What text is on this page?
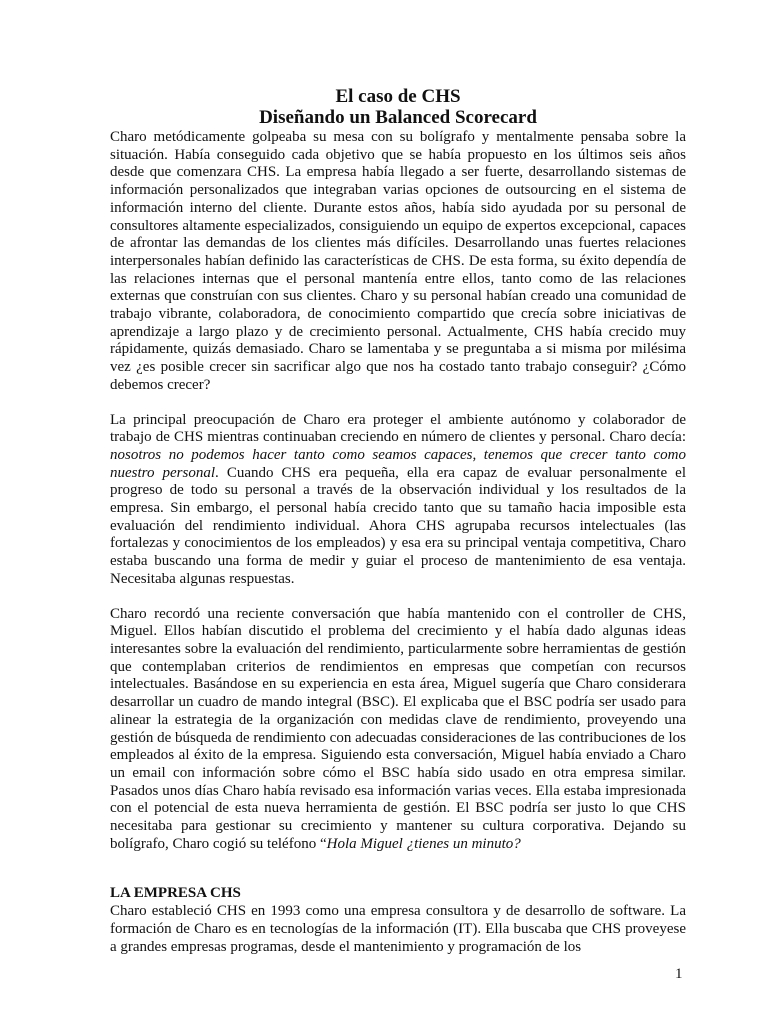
El caso de CHS
Diseñando un Balanced Scorecard

Charo metódicamente golpeaba su mesa con su bolígrafo y mentalmente pensaba sobre la situación. Había conseguido cada objetivo que se había propuesto en los últimos seis años desde que comenzara CHS. La empresa había llegado a ser fuerte, desarrollando sistemas de información personalizados que integraban varias opciones de outsourcing en el sistema de información interno del cliente. Durante estos años, había sido ayudada por su personal de consultores altamente especializados, consiguiendo un equipo de expertos excepcional, capaces de afrontar las demandas de los clientes más difíciles. Desarrollando unas fuertes relaciones interpersonales habían definido las características de CHS. De esta forma, su éxito dependía de las relaciones internas que el personal mantenía entre ellos, tanto como de las relaciones externas que construían con sus clientes. Charo y su personal habían creado una comunidad de trabajo vibrante, colaboradora, de conocimiento compartido que crecía sobre iniciativas de aprendizaje a largo plazo y de crecimiento personal. Actualmente, CHS había crecido muy rápidamente, quizás demasiado. Charo se lamentaba y se preguntaba a si misma por milésima vez ¿es posible crecer sin sacrificar algo que nos ha costado tanto trabajo conseguir? ¿Cómo debemos crecer?

La principal preocupación de Charo era proteger el ambiente autónomo y colaborador de trabajo de CHS mientras continuaban creciendo en número de clientes y personal. Charo decía: nosotros no podemos hacer tanto como seamos capaces, tenemos que crecer tanto como nuestro personal. Cuando CHS era pequeña, ella era capaz de evaluar personalmente el progreso de todo su personal a través de la observación individual y los resultados de la empresa. Sin embargo, el personal había crecido tanto que su tamaño hacia imposible esta evaluación del rendimiento individual. Ahora CHS agrupaba recursos intelectuales (las fortalezas y conocimientos de los empleados) y esa era su principal ventaja competitiva, Charo estaba buscando una forma de medir y guiar el proceso de mantenimiento de esa ventaja. Necesitaba algunas respuestas.

Charo recordó una reciente conversación que había mantenido con el controller de CHS, Miguel. Ellos habían discutido el problema del crecimiento y el había dado algunas ideas interesantes sobre la evaluación del rendimiento, particularmente sobre herramientas de gestión que contemplaban criterios de rendimientos en empresas que competían con recursos intelectuales. Basándose en su experiencia en esta área, Miguel sugería que Charo considerara desarrollar un cuadro de mando integral (BSC). El explicaba que el BSC podría ser usado para alinear la estrategia de la organización con medidas clave de rendimiento, proveyendo una gestión de búsqueda de rendimiento con adecuadas consideraciones de las contribuciones de los empleados al éxito de la empresa. Siguiendo esta conversación, Miguel había enviado a Charo un email con información sobre cómo el BSC había sido usado en otra empresa similar. Pasados unos días Charo había revisado esa información varias veces. Ella estaba impresionada con el potencial de esta nueva herramienta de gestión. El BSC podría ser justo lo que CHS necesitaba para gestionar su crecimiento y mantener su cultura corporativa. Dejando su bolígrafo, Charo cogió su teléfono “Hola Miguel ¿tienes un minuto?

LA EMPRESA CHS

Charo estableció CHS en 1993 como una empresa consultora y de desarrollo de software. La formación de Charo es en tecnologías de la información (IT). Ella buscaba que CHS proveyese a grandes empresas programas, desde el mantenimiento y programación de los

1
